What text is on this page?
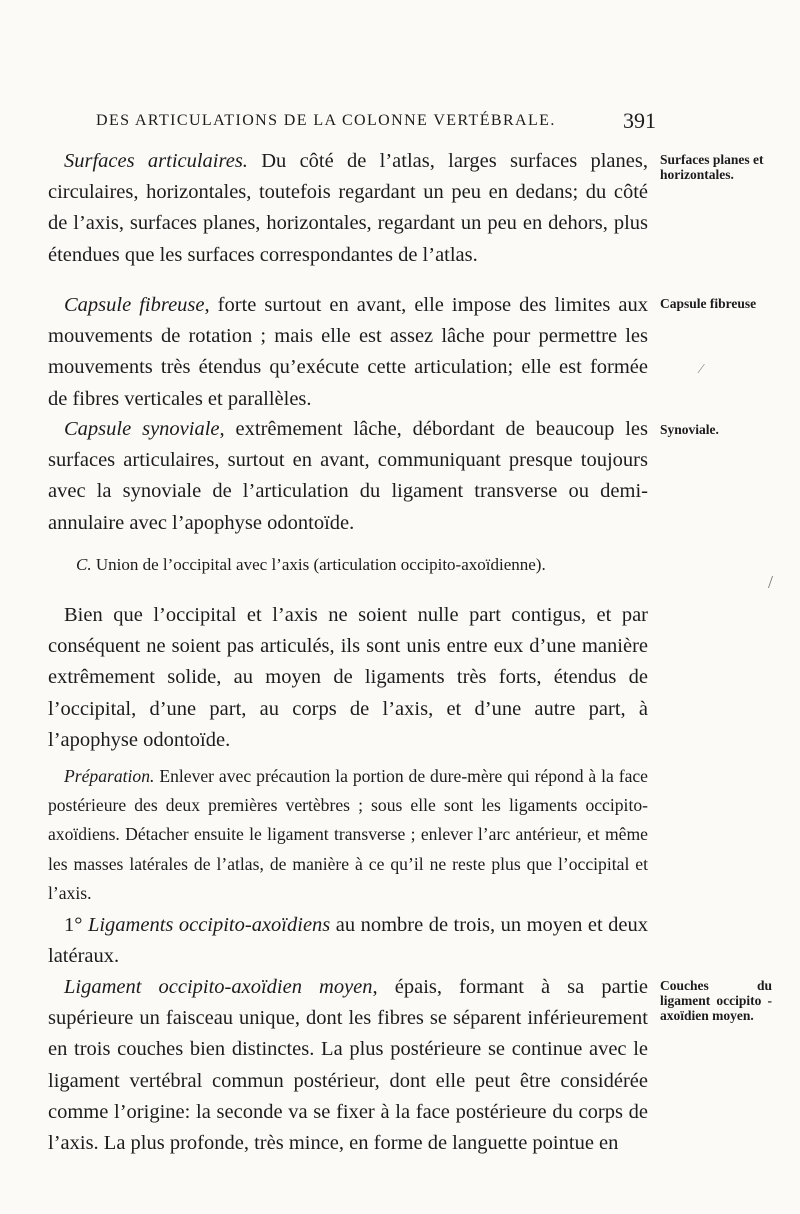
DES ARTICULATIONS DE LA COLONNE VERTÉBRALE.	391

Surfaces articulaires. Du côté de l’atlas, larges surfaces planes, circulaires, horizontales, toutefois regardant un peu en dedans; du côté de l’axis, surfaces planes, horizontales, regardant un peu en dehors, plus étendues que les surfaces correspondantes de l’atlas.

Surfaces planes et horizontales.

Capsule fibreuse, forte surtout en avant, elle impose des limites aux mouvements de rotation ; mais elle est assez lâche pour permettre les mouvements très étendus qu’exécute cette articulation; elle est formée de fibres verticales et parallèles.

Capsule fibreuse

Capsule synoviale, extrêmement lâche, débordant de beaucoup les surfaces articulaires, surtout en avant, communiquant presque toujours avec la synoviale de l’articulation du ligament transverse ou demi-annulaire avec l’apophyse odontoïde.

Synoviale.
C. Union de l’occipital avec l’axis (articulation occipito-axoïdienne).

Bien que l’occipital et l’axis ne soient nulle part contigus, et par conséquent ne soient pas articulés, ils sont unis entre eux d’une manière extrêmement solide, au moyen de ligaments très forts, étendus de l’occipital, d’une part, au corps de l’axis, et d’une autre part, à l’apophyse odontoïde.

Préparation. Enlever avec précaution la portion de dure-mère qui répond à la face postérieure des deux premières vertèbres ; sous elle sont les ligaments occipito-axoïdiens. Détacher ensuite le ligament transverse ; enlever l’arc antérieur, et même les masses latérales de l’atlas, de manière à ce qu’il ne reste plus que l’occipital et l’axis.

1° Ligaments occipito-axoïdiens au nombre de trois, un moyen et deux latéraux.

Ligament occipito-axoïdien moyen, épais, formant à sa partie supérieure un faisceau unique, dont les fibres se séparent inférieurement en trois couches bien distinctes. La plus postérieure se continue avec le ligament vertébral commun postérieur, dont elle peut être considérée comme l’origine: la seconde va se fixer à la face postérieure du corps de l’axis. La plus profonde, très mince, en forme de languette pointue en

Couches du ligament occipito - axoïdien moyen.
/
⁄
